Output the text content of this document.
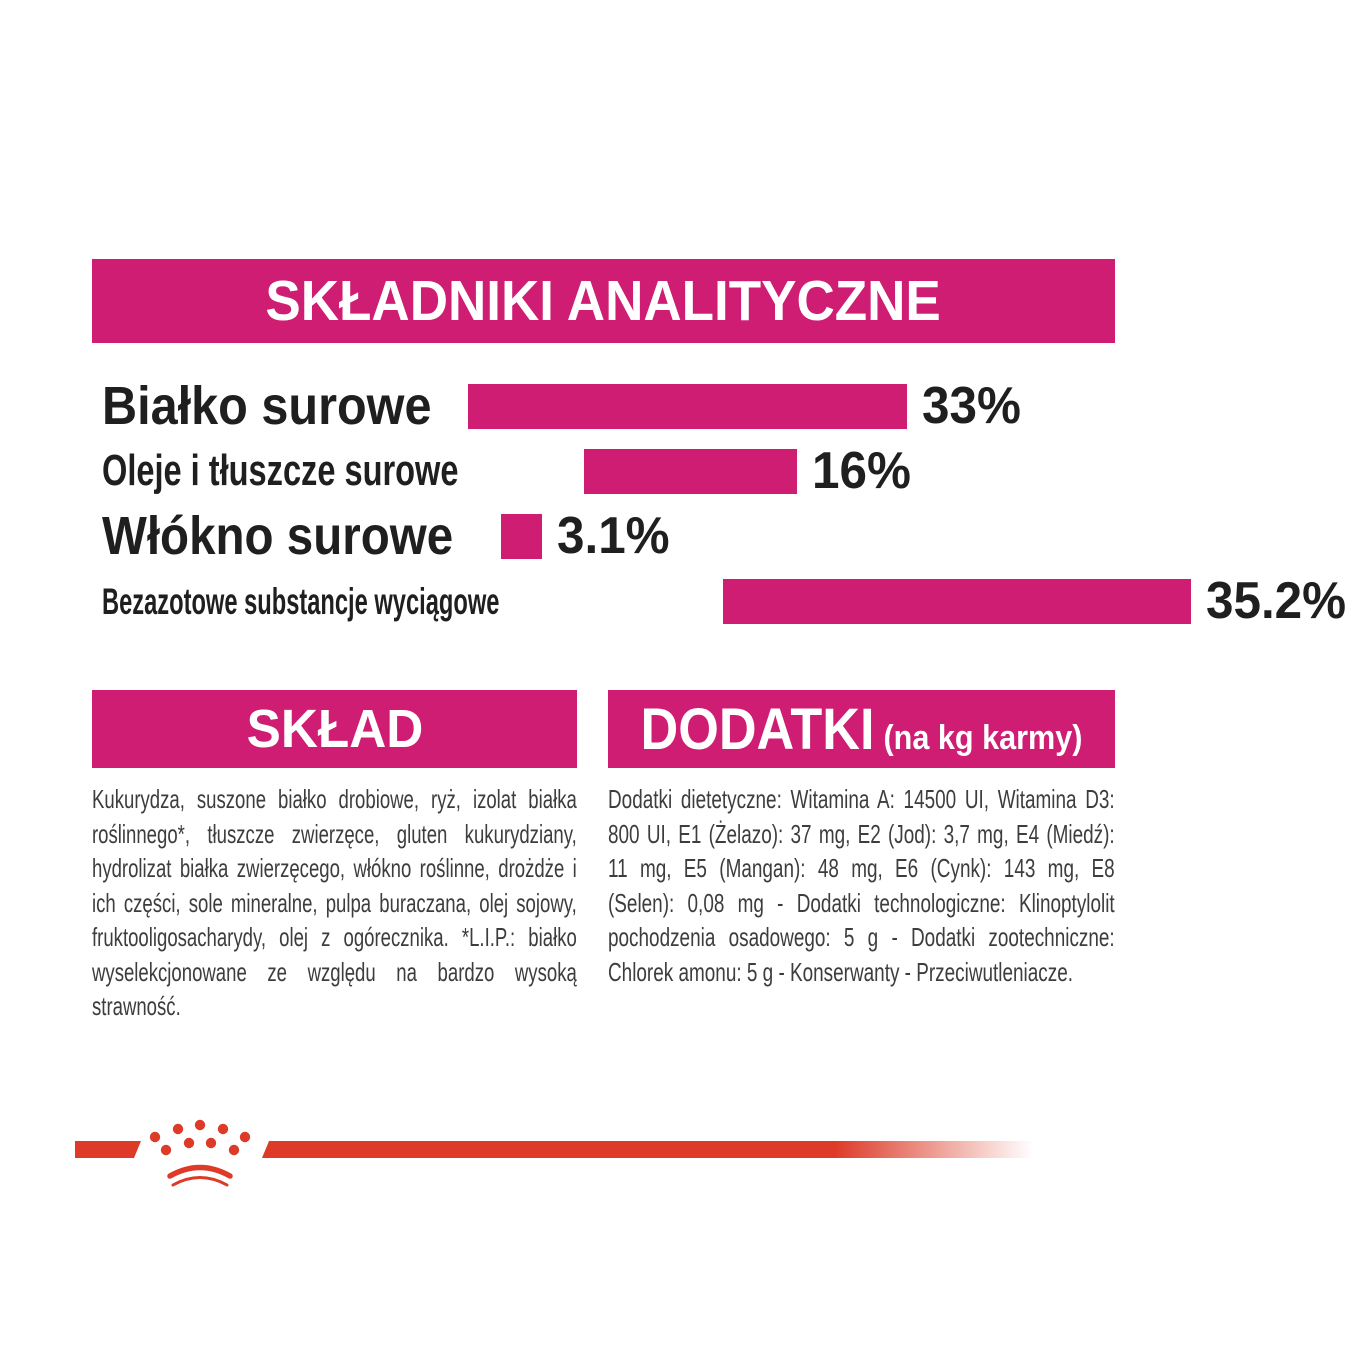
SKŁADNIKI ANALITYCZNE
Białko surowe	33%
Oleje i tłuszcze surowe	16%
Włókno surowe 3.1%
Bezazotowe substancje wyciągowe	35.2%
SKŁAD
Kukurydza, suszone białko drobiowe, ryż, izolat białka roślinnego*, tłuszcze zwierzęce, gluten kukurydziany, hydrolizat białka zwierzęcego, włókno roślinne, drożdże i ich części, sole mineralne, pulpa buraczana, olej sojowy, fruktooligosacharydy, olej z ogórecznika. *L.I.P.: białko wyselekcjonowane ze względu na bardzo wysoką strawność.
DODATKI (na kg karmy)
Dodatki dietetyczne: Witamina A: 14500 UI, Witamina D3: 800 UI, E1 (Żelazo): 37 mg, E2 (Jod): 3,7 mg, E4 (Miedź): 11 mg, E5 (Mangan): 48 mg, E6 (Cynk): 143 mg, E8 (Selen): 0,08 mg - Dodatki technologiczne: Klinoptylolit pochodzenia osadowego: 5 g - Dodatki zootechniczne: Chlorek amonu: 5 g - Konserwanty - Przeciwutleniacze.
